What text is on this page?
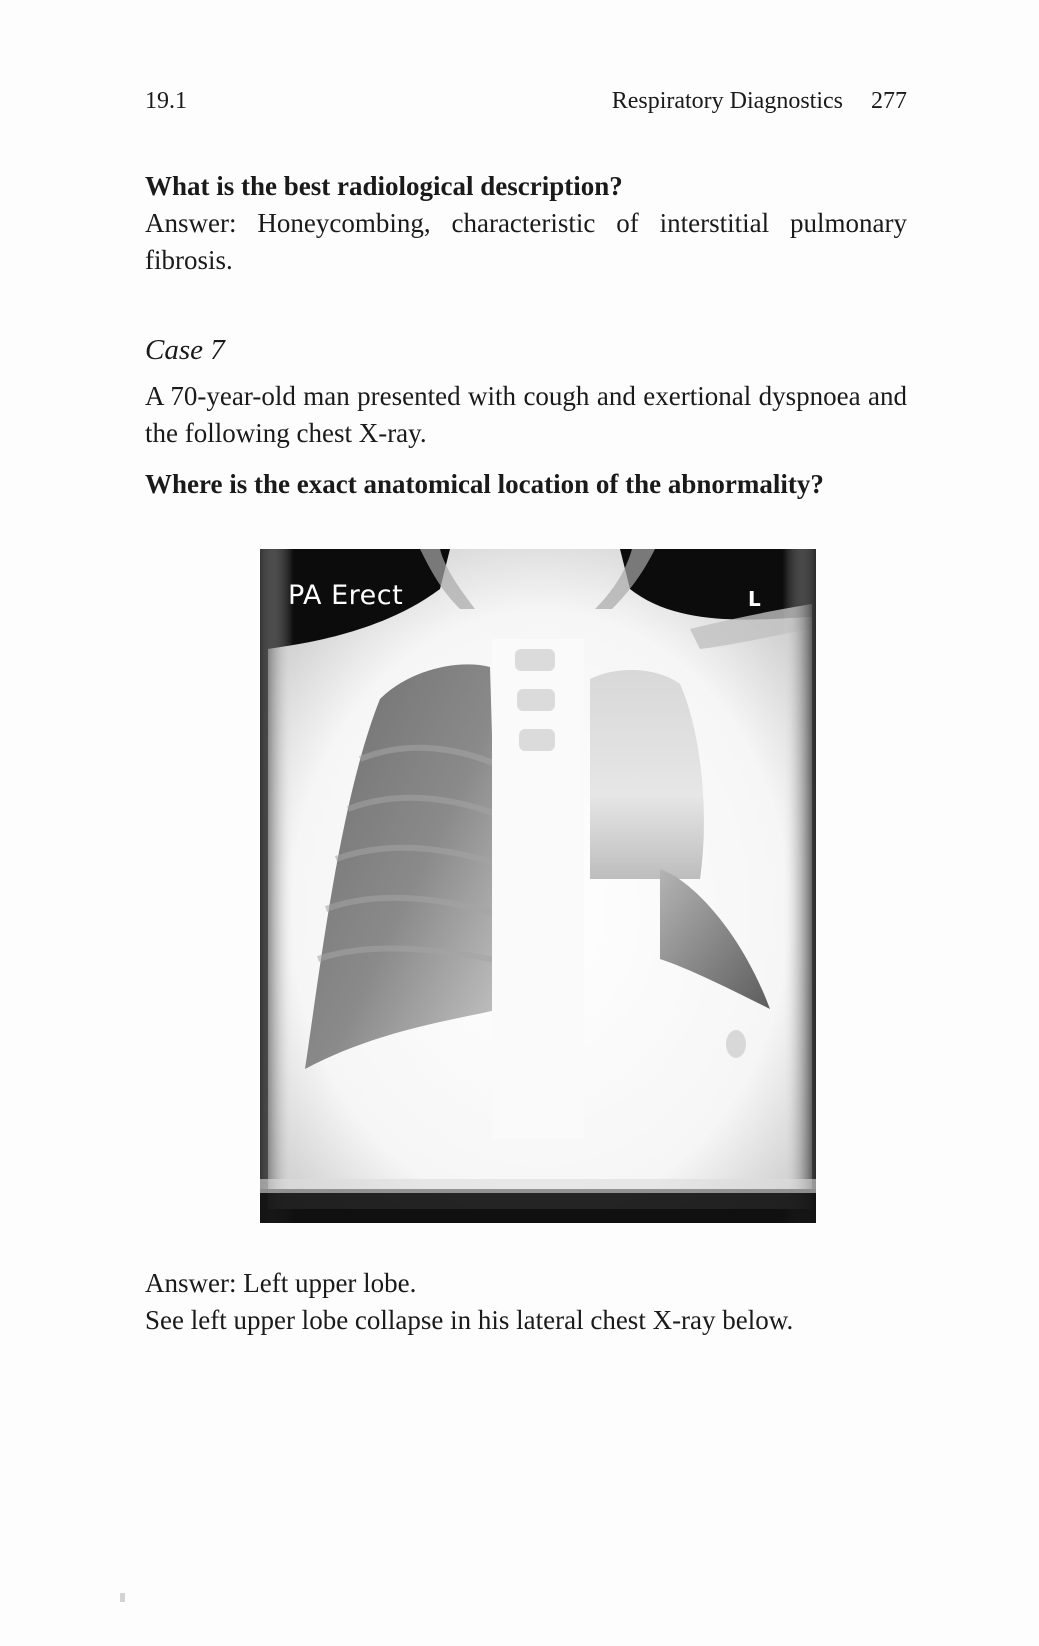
19.1	Respiratory Diagnostics 277
What is the best radiological description?
Answer: Honeycombing, characteristic of interstitial pulmonary fibrosis.
Case 7
A 70-year-old man presented with cough and exertional dyspnoea and the following chest X-ray.
Where is the exact anatomical location of the abnormality?
PA Erect	L
Answer: Left upper lobe.
See left upper lobe collapse in his lateral chest X-ray below.
